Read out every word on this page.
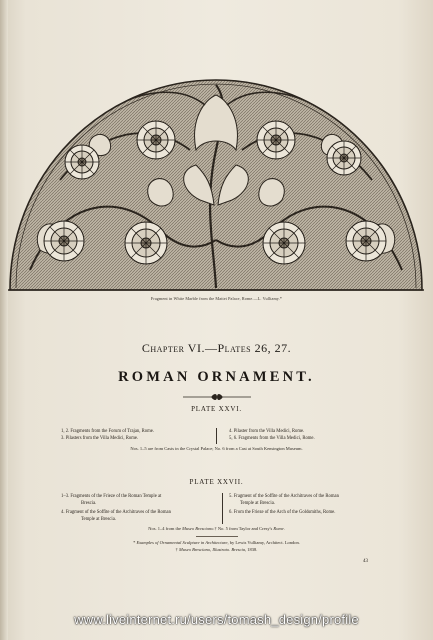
Fragment in White Marble from the Mattei Palace, Rome.—L. Vulliamy.*
Chapter VI.—Plates 26, 27.
ROMAN ORNAMENT.
PLATE XXVI.
1, 2. Fragments from the Forum of Trajan, Rome.
3. Pilasters from the Villa Medici, Rome.
4. Pilaster from the Villa Medici, Rome.
5, 6. Fragments from the Villa Medici, Rome.
Nos. 1–5 are from Casts in the Crystal Palace; No. 6 from a Cast at South Kensington Museum.
PLATE XXVII.
1–3. Fragments of the Frieze of the Roman Temple at
Brescia.
4. Fragment of the Soffite of the Architraves of the Roman
Temple at Brescia.
5. Fragment of the Soffite of the Architraves of the Roman
Temple at Brescia.
6. From the Frieze of the Arch of the Goldsmiths, Rome.
Nos. 1–4 from the Museo Bresciano.† No. 5 from Taylor and Cresy's Rome.
* Examples of Ornamental Sculpture in Architecture, by Lewis Vulliamy, Architect. London.
† Museo Bresciano, Illustrato. Brescia, 1838.
43
www.liveinternet.ru/users/tomash_design/profile
